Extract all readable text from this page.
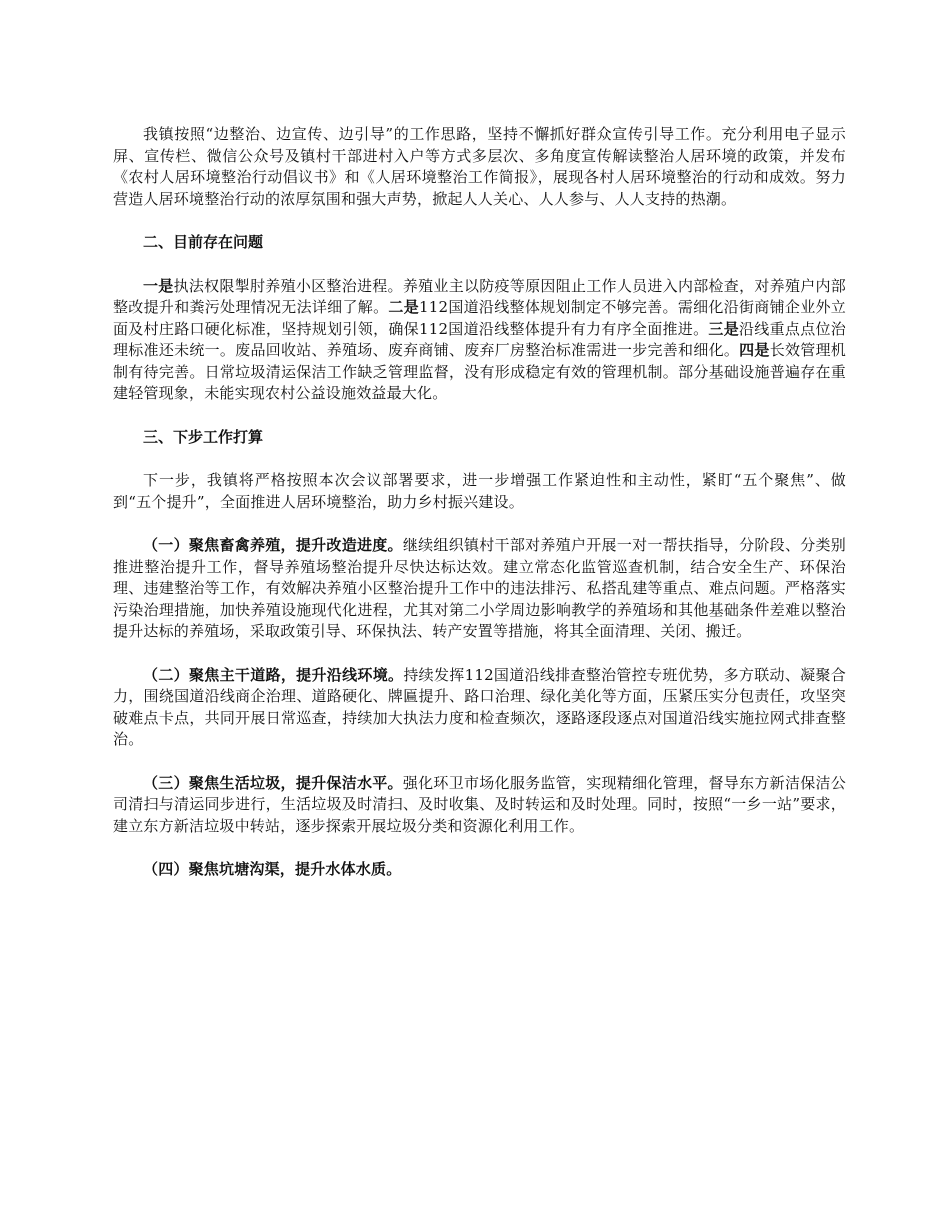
我镇按照“边整治、边宣传、边引导”的工作思路，坚持不懈抓好群众宣传引导工作。充分利用电子显示屏、宣传栏、微信公众号及镇村干部进村入户等方式多层次、多角度宣传解读整治人居环境的政策，并发布《农村人居环境整治行动倡议书》和《人居环境整治工作简报》，展现各村人居环境整治的行动和成效。努力营造人居环境整治行动的浓厚氛围和强大声势，掀起人人关心、人人参与、人人支持的热潮。

二、目前存在问题

一是执法权限掣肘养殖小区整治进程。养殖业主以防疫等原因阻止工作人员进入内部检查，对养殖户内部整改提升和粪污处理情况无法详细了解。二是112国道沿线整体规划制定不够完善。需细化沿街商铺企业外立面及村庄路口硬化标准，坚持规划引领，确保112国道沿线整体提升有力有序全面推进。三是沿线重点点位治理标准还未统一。废品回收站、养殖场、废弃商铺、废弃厂房整治标准需进一步完善和细化。四是长效管理机制有待完善。日常垃圾清运保洁工作缺乏管理监督，没有形成稳定有效的管理机制。部分基础设施普遍存在重建轻管现象，未能实现农村公益设施效益最大化。

三、下步工作打算

下一步，我镇将严格按照本次会议部署要求，进一步增强工作紧迫性和主动性，紧盯“五个聚焦”、做到“五个提升”，全面推进人居环境整治，助力乡村振兴建设。

（一）聚焦畜禽养殖，提升改造进度。继续组织镇村干部对养殖户开展一对一帮扶指导，分阶段、分类别推进整治提升工作，督导养殖场整治提升尽快达标达效。建立常态化监管巡查机制，结合安全生产、环保治理、违建整治等工作，有效解决养殖小区整治提升工作中的违法排污、私搭乱建等重点、难点问题。严格落实污染治理措施，加快养殖设施现代化进程，尤其对第二小学周边影响教学的养殖场和其他基础条件差难以整治提升达标的养殖场，采取政策引导、环保执法、转产安置等措施，将其全面清理、关闭、搬迁。

（二）聚焦主干道路，提升沿线环境。持续发挥112国道沿线排查整治管控专班优势，多方联动、凝聚合力，围绕国道沿线商企治理、道路硬化、牌匾提升、路口治理、绿化美化等方面，压紧压实分包责任，攻坚突破难点卡点，共同开展日常巡查，持续加大执法力度和检查频次，逐路逐段逐点对国道沿线实施拉网式排查整治。

（三）聚焦生活垃圾，提升保洁水平。强化环卫市场化服务监管，实现精细化管理，督导东方新洁保洁公司清扫与清运同步进行，生活垃圾及时清扫、及时收集、及时转运和及时处理。同时，按照“一乡一站”要求，建立东方新洁垃圾中转站，逐步探索开展垃圾分类和资源化利用工作。

（四）聚焦坑塘沟渠，提升水体水质。
